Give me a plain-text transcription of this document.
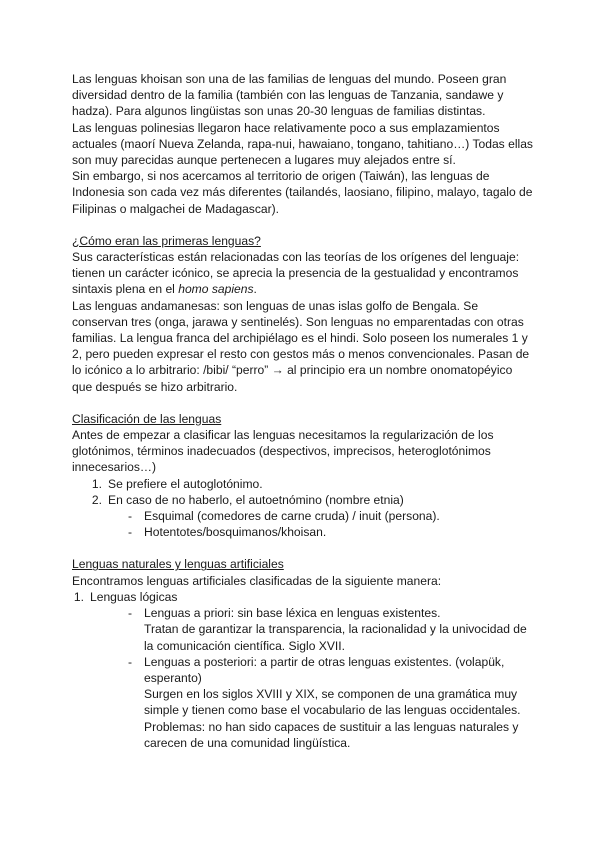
Las lenguas khoisan son una de las familias de lenguas del mundo. Poseen gran diversidad dentro de la familia (también con las lenguas de Tanzania, sandawe y hadza). Para algunos lingüistas son unas 20-30 lenguas de familias distintas.

Las lenguas polinesias llegaron hace relativamente poco a sus emplazamientos actuales (maorí Nueva Zelanda, rapa-nui, hawaiano, tongano, tahitiano…) Todas ellas son muy parecidas aunque pertenecen a lugares muy alejados entre sí.

Sin embargo, si nos acercamos al territorio de origen (Taiwán), las lenguas de Indonesia son cada vez más diferentes (tailandés, laosiano, filipino, malayo, tagalo de Filipinas o malgachei de Madagascar).

¿Cómo eran las primeras lenguas?

Sus características están relacionadas con las teorías de los orígenes del lenguaje: tienen un carácter icónico, se aprecia la presencia de la gestualidad y encontramos sintaxis plena en el homo sapiens.

Las lenguas andamanesas: son lenguas de unas islas golfo de Bengala. Se conservan tres (onga, jarawa y sentinelés). Son lenguas no emparentadas con otras familias. La lengua franca del archipiélago es el hindi. Solo poseen los numerales 1 y 2, pero pueden expresar el resto con gestos más o menos convencionales. Pasan de lo icónico a lo arbitrario: /bibi/ “perro” → al principio era un nombre onomatopéyico que después se hizo arbitrario.

Clasificación de las lenguas

Antes de empezar a clasificar las lenguas necesitamos la regularización de los glotónimos, términos inadecuados (despectivos, imprecisos, heteroglotónimos innecesarios…)

1. Se prefiere el autoglotónimo.
2. En caso de no haberlo, el autoetnómino (nombre etnia)
- Esquimal (comedores de carne cruda) / inuit (persona).
- Hotentotes/bosquimanos/khoisan.
Lenguas naturales y lenguas artificiales

Encontramos lenguas artificiales clasificadas de la siguiente manera:

1. Lenguas lógicas
- Lenguas a priori: sin base léxica en lenguas existentes.

Tratan de garantizar la transparencia, la racionalidad y la univocidad de la comunicación científica. Siglo XVII.

- Lenguas a posteriori: a partir de otras lenguas existentes. (volapük, esperanto)

Surgen en los siglos XVIII y XIX, se componen de una gramática muy simple y tienen como base el vocabulario de las lenguas occidentales.

Problemas: no han sido capaces de sustituir a las lenguas naturales y carecen de una comunidad lingüística.
